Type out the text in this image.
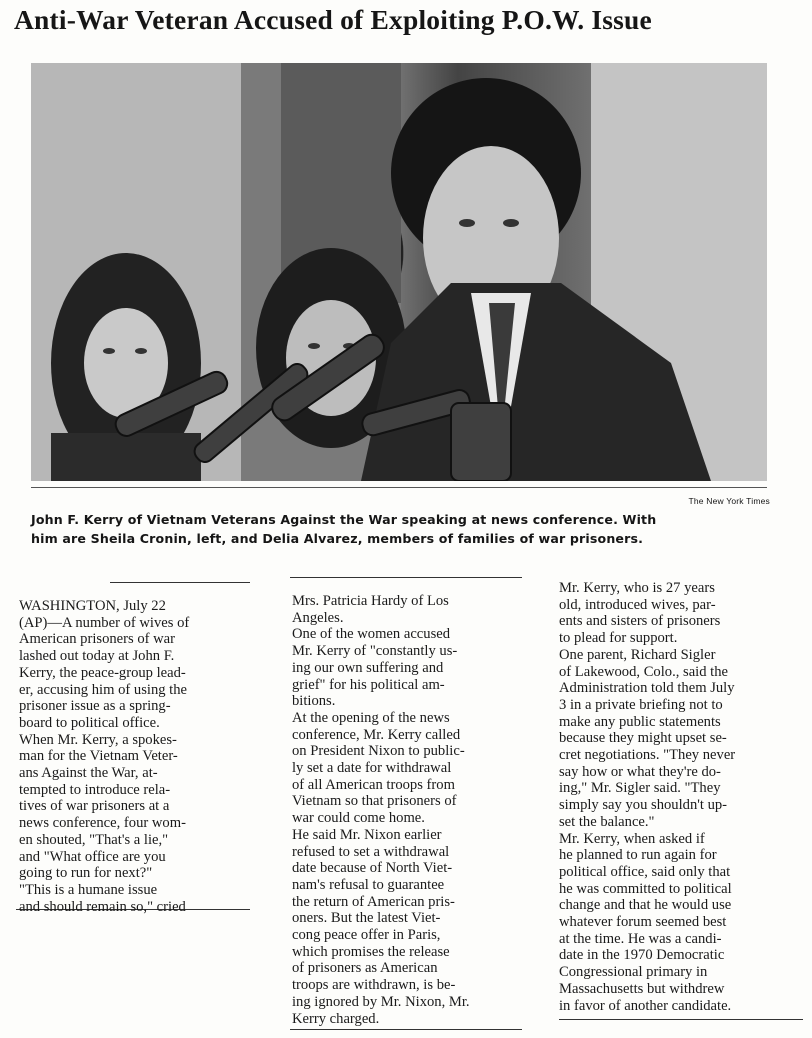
Anti-War Veteran Accused of Exploiting P.O.W. Issue
The New York Times
John F. Kerry of Vietnam Veterans Against the War speaking at news conference. With
him are Sheila Cronin, left, and Delia Alvarez, members of families of war prisoners.
WASHINGTON, July 22
(AP)—A number of wives of
American prisoners of war
lashed out today at John F.
Kerry, the peace-group lead-
er, accusing him of using the
prisoner issue as a spring-
board to political office.
When Mr. Kerry, a spokes-
man for the Vietnam Veter-
ans Against the War, at-
tempted to introduce rela-
tives of war prisoners at a
news conference, four wom-
en shouted, "That's a lie,"
and "What office are you
going to run for next?"
"This is a humane issue
and should remain so," cried
Mrs. Patricia Hardy of Los
Angeles.
One of the women accused
Mr. Kerry of "constantly us-
ing our own suffering and
grief" for his political am-
bitions.
At the opening of the news
conference, Mr. Kerry called
on President Nixon to public-
ly set a date for withdrawal
of all American troops from
Vietnam so that prisoners of
war could come home.
He said Mr. Nixon earlier
refused to set a withdrawal
date because of North Viet-
nam's refusal to guarantee
the return of American pris-
oners. But the latest Viet-
cong peace offer in Paris,
which promises the release
of prisoners as American
troops are withdrawn, is be-
ing ignored by Mr. Nixon, Mr.
Kerry charged.
Mr. Kerry, who is 27 years
old, introduced wives, par-
ents and sisters of prisoners
to plead for support.
One parent, Richard Sigler
of Lakewood, Colo., said the
Administration told them July
3 in a private briefing not to
make any public statements
because they might upset se-
cret negotiations. "They never
say how or what they're do-
ing," Mr. Sigler said. "They
simply say you shouldn't up-
set the balance."
Mr. Kerry, when asked if
he planned to run again for
political office, said only that
he was committed to political
change and that he would use
whatever forum seemed best
at the time. He was a candi-
date in the 1970 Democratic
Congressional primary in
Massachusetts but withdrew
in favor of another candidate.
